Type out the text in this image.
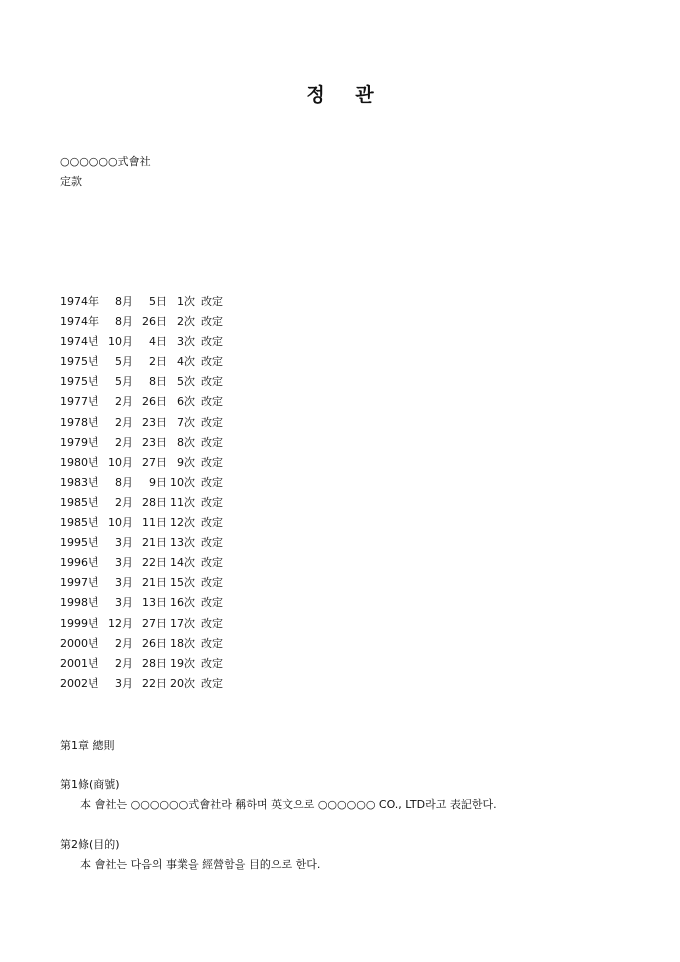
정 관
○○○○○○式會社
定款
1974年	8月	5日 1次 改定
1974年	8月 26日 2次 改定
1974년 10月	4日 3次 改定
1975년	5月	2日 4次 改定
1975년	5月	8日 5次 改定
1977년	2月 26日 6次 改定
1978년	2月 23日 7次 改定
1979년	2月 23日 8次 改定
1980년 10月 27日 9次 改定
1983년	8月	9日 10次 改定
1985년	2月 28日 11次 改定
1985년 10月 11日 12次 改定
1995년	3月 21日 13次 改定
1996년	3月 22日 14次 改定
1997년	3月 21日 15次 改定
1998년	3月 13日 16次 改定
1999년 12月 27日 17次 改定
2000년	2月 26日 18次 改定
2001년	2月 28日 19次 改定
2002년	3月 22日 20次 改定
第1章 總則
第1條(商號)
本 會社는 ○○○○○○式會社라 稱하며 英文으로 ○○○○○○ CO., LTD라고 表記한다.
第2條(目的)
本 會社는 다음의 事業을 經營함을 目的으로 한다.
